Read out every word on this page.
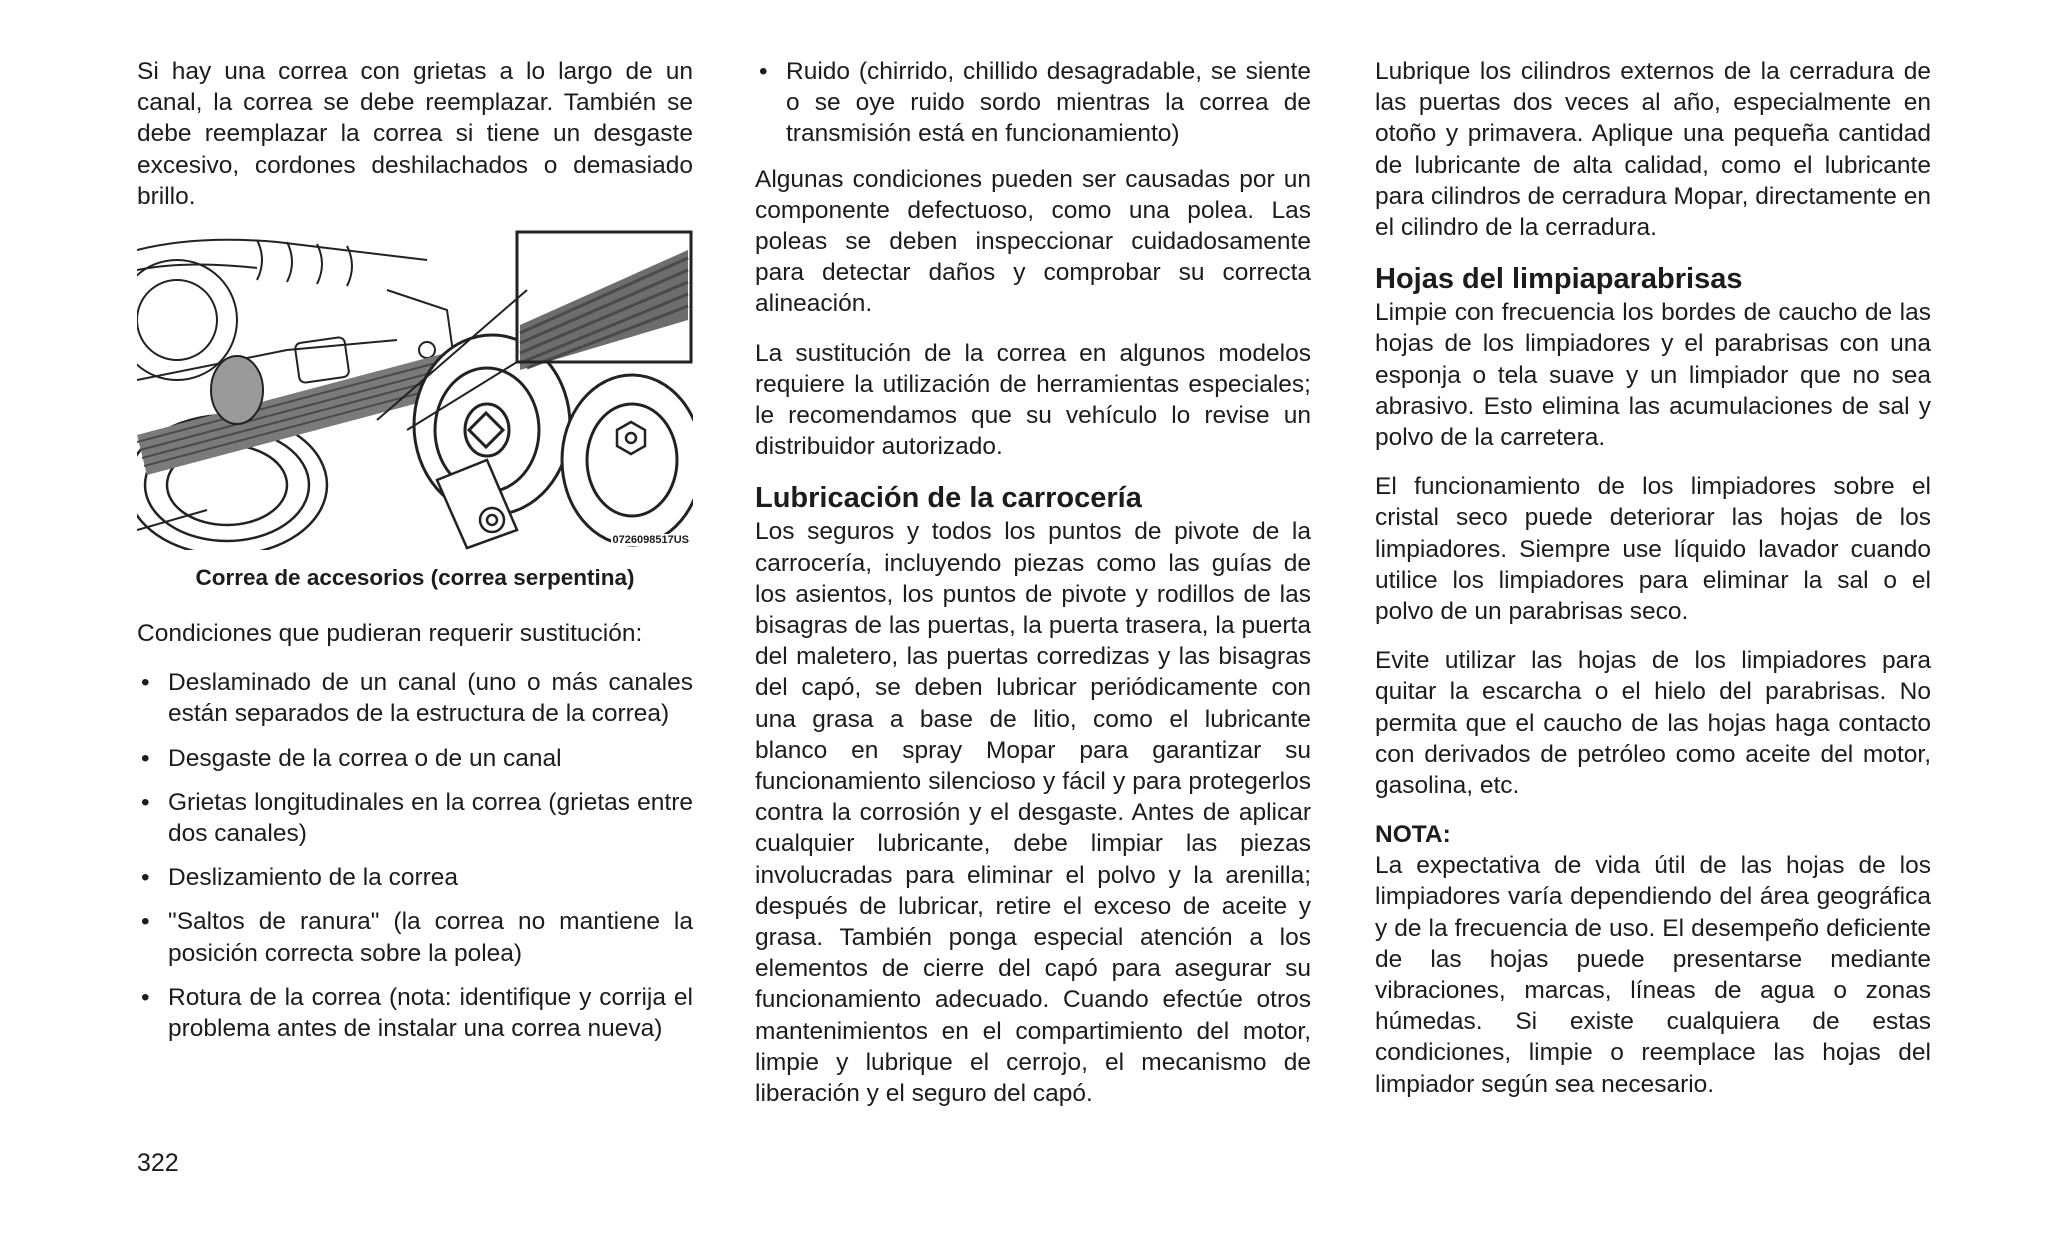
Si hay una correa con grietas a lo largo de un canal, la correa se debe reemplazar. También se debe reemplazar la correa si tiene un desgaste excesivo, cordones deshilachados o demasiado brillo.

0726098517US
Correa de accesorios (correa serpentina)

Condiciones que pudieran requerir sustitución:

• Deslaminado de un canal (uno o más canales están separados de la estructura de la correa)
• Desgaste de la correa o de un canal
• Grietas longitudinales en la correa (grietas entre dos canales)
• Deslizamiento de la correa
• "Saltos de ranura" (la correa no mantiene la posición correcta sobre la polea)
• Rotura de la correa (nota: identifique y corrija el problema antes de instalar una correa nueva)
• Ruido (chirrido, chillido desagradable, se siente o se oye ruido sordo mientras la correa de transmisión está en funcionamiento)

Algunas condiciones pueden ser causadas por un componente defectuoso, como una polea. Las poleas se deben inspeccionar cuidadosamente para detectar daños y comprobar su correcta alineación.

La sustitución de la correa en algunos modelos requiere la utilización de herramientas especiales; le recomendamos que su vehículo lo revise un distribuidor autorizado.

Lubricación de la carrocería

Los seguros y todos los puntos de pivote de la carrocería, incluyendo piezas como las guías de los asientos, los puntos de pivote y rodillos de las bisagras de las puertas, la puerta trasera, la puerta del maletero, las puertas corredizas y las bisagras del capó, se deben lubricar periódicamente con una grasa a base de litio, como el lubricante blanco en spray Mopar para garantizar su funcionamiento silencioso y fácil y para protegerlos contra la corrosión y el desgaste. Antes de aplicar cualquier lubricante, debe limpiar las piezas involucradas para eliminar el polvo y la arenilla; después de lubricar, retire el exceso de aceite y grasa. También ponga especial atención a los elementos de cierre del capó para asegurar su funcionamiento adecuado. Cuando efectúe otros mantenimientos en el compartimiento del motor, limpie y lubrique el cerrojo, el mecanismo de liberación y el seguro del capó.

Lubrique los cilindros externos de la cerradura de las puertas dos veces al año, especialmente en otoño y primavera. Aplique una pequeña cantidad de lubricante de alta calidad, como el lubricante para cilindros de cerradura Mopar, directamente en el cilindro de la cerradura.

Hojas del limpiaparabrisas

Limpie con frecuencia los bordes de caucho de las hojas de los limpiadores y el parabrisas con una esponja o tela suave y un limpiador que no sea abrasivo. Esto elimina las acumulaciones de sal y polvo de la carretera.

El funcionamiento de los limpiadores sobre el cristal seco puede deteriorar las hojas de los limpiadores. Siempre use líquido lavador cuando utilice los limpiadores para eliminar la sal o el polvo de un parabrisas seco.

Evite utilizar las hojas de los limpiadores para quitar la escarcha o el hielo del parabrisas. No permita que el caucho de las hojas haga contacto con derivados de petróleo como aceite del motor, gasolina, etc.

NOTA:

La expectativa de vida útil de las hojas de los limpiadores varía dependiendo del área geográfica y de la frecuencia de uso. El desempeño deficiente de las hojas puede presentarse mediante vibraciones, marcas, líneas de agua o zonas húmedas. Si existe cualquiera de estas condiciones, limpie o reemplace las hojas del limpiador según sea necesario.

322
